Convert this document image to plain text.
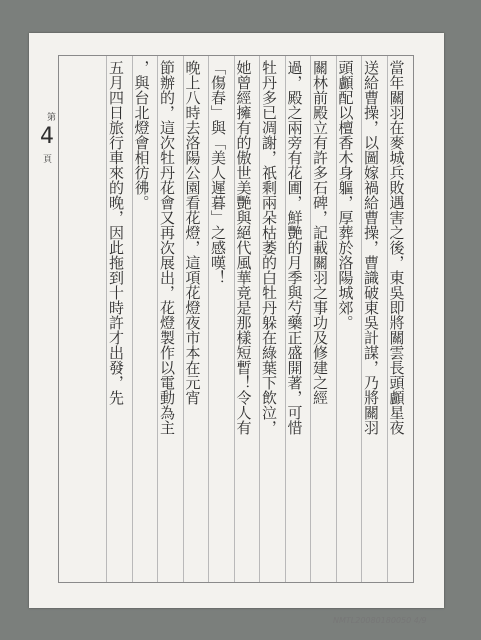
第
4
頁	當年關羽在麥城兵敗遇害之後，東吳即將關雲長頭顱星夜
送給曹操，以圖嫁禍給曹操，曹識破東吳計謀，乃將關羽
頭顱配以檀香木身軀，厚葬於洛陽城郊。
關林前殿立有許多石碑，記載關羽之事功及修建之經
過，殿之兩旁有花圃，鮮艷的月季與芍藥正盛開著，可惜
牡丹多已凋謝，祇剩兩朵枯萎的白牡丹躲在綠葉下飲泣，
她曾經擁有的傲世美艷與絕代風華竟是那樣短暫！令人有
「傷春」與「美人遲暮」之感嘆！
晚上八時去洛陽公園看花燈，這項花燈夜市本在元宵
節辦的，這次牡丹花會又再次展出，花燈製作以電動為主
，與台北燈會相彷彿。
五月四日旅行車來的晚，因此拖到十時許才出發，先
NMTL20080180050 4/9
